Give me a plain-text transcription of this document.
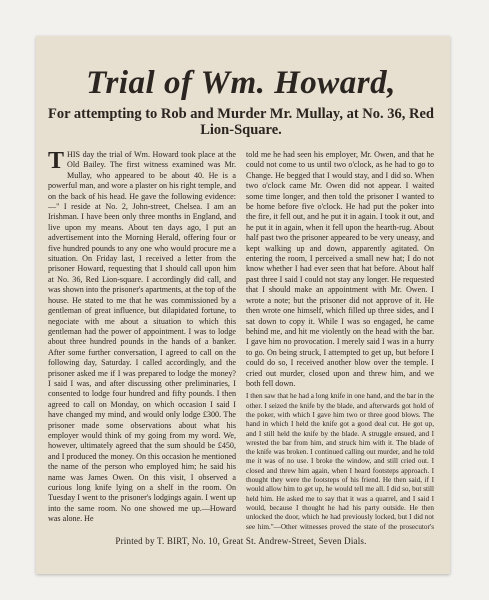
Trial of Wm. Howard,
For attempting to Rob and Murder Mr. Mullay, at No. 36, Red Lion-Square.

THIS day the trial of Wm. Howard took place at the Old Bailey. The first witness examined was Mr. Mullay, who appeared to be about 40. He is a powerful man, and wore a plaster on his right temple, and on the back of his head. He gave the following evidence:—" I reside at No. 2, John-street, Chelsea. I am an Irishman. I have been only three months in England, and live upon my means. About ten days ago, I put an advertisement into the Morning Herald, offering four or five hundred pounds to any one who would procure me a situation. On Friday last, I received a letter from the prisoner Howard, requesting that I should call upon him at No. 36, Red Lion-square. I accordingly did call, and was shown into the prisoner's apartments, at the top of the house. He stated to me that he was commissioned by a gentleman of great influence, but dilapidated fortune, to negociate with me about a situation to which this gentleman had the power of appointment. I was to lodge about three hundred pounds in the hands of a banker. After some further conversation, I agreed to call on the following day, Saturday. I called accordingly, and the prisoner asked me if I was prepared to lodge the money? I said I was, and after discussing other preliminaries, I consented to lodge four hundred and fifty pounds. I then agreed to call on Monday, on which occasion I said I have changed my mind, and would only lodge £300. The prisoner made some observations about what his employer would think of my going from my word. We, however, ultimately agreed that the sum should be £450, and I produced the money. On this occasion he mentioned the name of the person who employed him; he said his name was James Owen. On this visit, I observed a curious long knife lying on a shelf in the room. On Tuesday I went to the prisoner's lodgings again. I went up into the same room. No one showed me up.—Howard was alone. He

told me he had seen his employer, Mr. Owen, and that he could not come to us until two o'clock, as he had to go to Change. He begged that I would stay, and I did so. When two o'clock came Mr. Owen did not appear. I waited some time longer, and then told the prisoner I wanted to be home before five o'clock. He had put the poker into the fire, it fell out, and he put it in again. I took it out, and he put it in again, when it fell upon the hearth-rug. About half past two the prisoner appeared to be very uneasy, and kept walking up and down, apparently agitated. On entering the room, I perceived a small new hat; I do not know whether I had ever seen that hat before. About half past three I said I could not stay any longer. He requested that I should make an appointment with Mr. Owen. I wrote a note; but the prisoner did not approve of it. He then wrote one himself, which filled up three sides, and I sat down to copy it. While I was so engaged, he came behind me, and hit me violently on the head with the bar. I gave him no provocation. I merely said I was in a hurry to go. On being struck, I attempted to get up, but before I could do so, I received another blow over the temple. I cried out murder, closed upon and threw him, and we both fell down.

I then saw that he had a long knife in one hand, and the bar in the other. I seized the knife by the blade, and afterwards got hold of the poker, with which I gave him two or three good blows. The hand in which I held the knife got a good deal cut. He got up, and I still held the knife by the blade. A struggle ensued, and I wrested the bar from him, and struck him with it. The blade of the knife was broken. I continued calling out murder, and he told me it was of no use. I broke the window, and still cried out. I closed and threw him again, when I heard footsteps approach. I thought they were the footsteps of his friend. He then said, if I would allow him to get up, he would tell me all. I did so, but still held him. He asked me to say that it was a quarrel, and I said I would, because I thought he had his party outside. He then unlocked the door, which he had previously locked, but I did not see him."—Other witnesses proved the state of the prosecutor's

Printed by T. BIRT, No. 10, Great St. Andrew-Street, Seven Dials.
